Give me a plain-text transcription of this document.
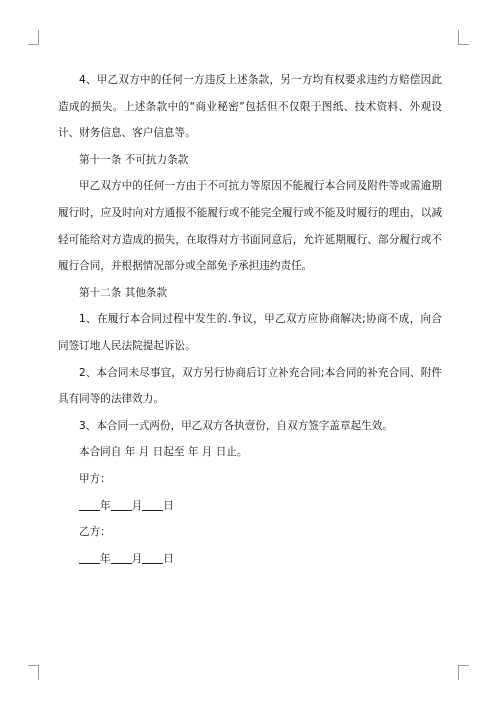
4、甲乙双方中的任何一方违反上述条款，另一方均有权要求违约方赔偿因此造成的损失。上述条款中的“商业秘密”包括但不仅限于图纸、技术资料、外观设计、财务信息、客户信息等。

第十一条 不可抗力条款

甲乙双方中的任何一方由于不可抗力等原因不能履行本合同及附件等或需逾期履行时，应及时向对方通报不能履行或不能完全履行或不能及时履行的理由，以减轻可能给对方造成的损失，在取得对方书面同意后，允许延期履行、部分履行或不履行合同，并根据情况部分或全部免予承担违约责任。

第十二条 其他条款

1、在履行本合同过程中发生的.争议，甲乙双方应协商解决;协商不成，向合同签订地人民法院提起诉讼。

2、本合同未尽事宜，双方另行协商后订立补充合同;本合同的补充合同、附件具有同等的法律效力。

3、本合同一式两份，甲乙双方各执壹份，自双方签字盖章起生效。

本合同自 年 月 日起至 年 月 日止。

甲方：

年 月 日

乙方：

年 月 日
